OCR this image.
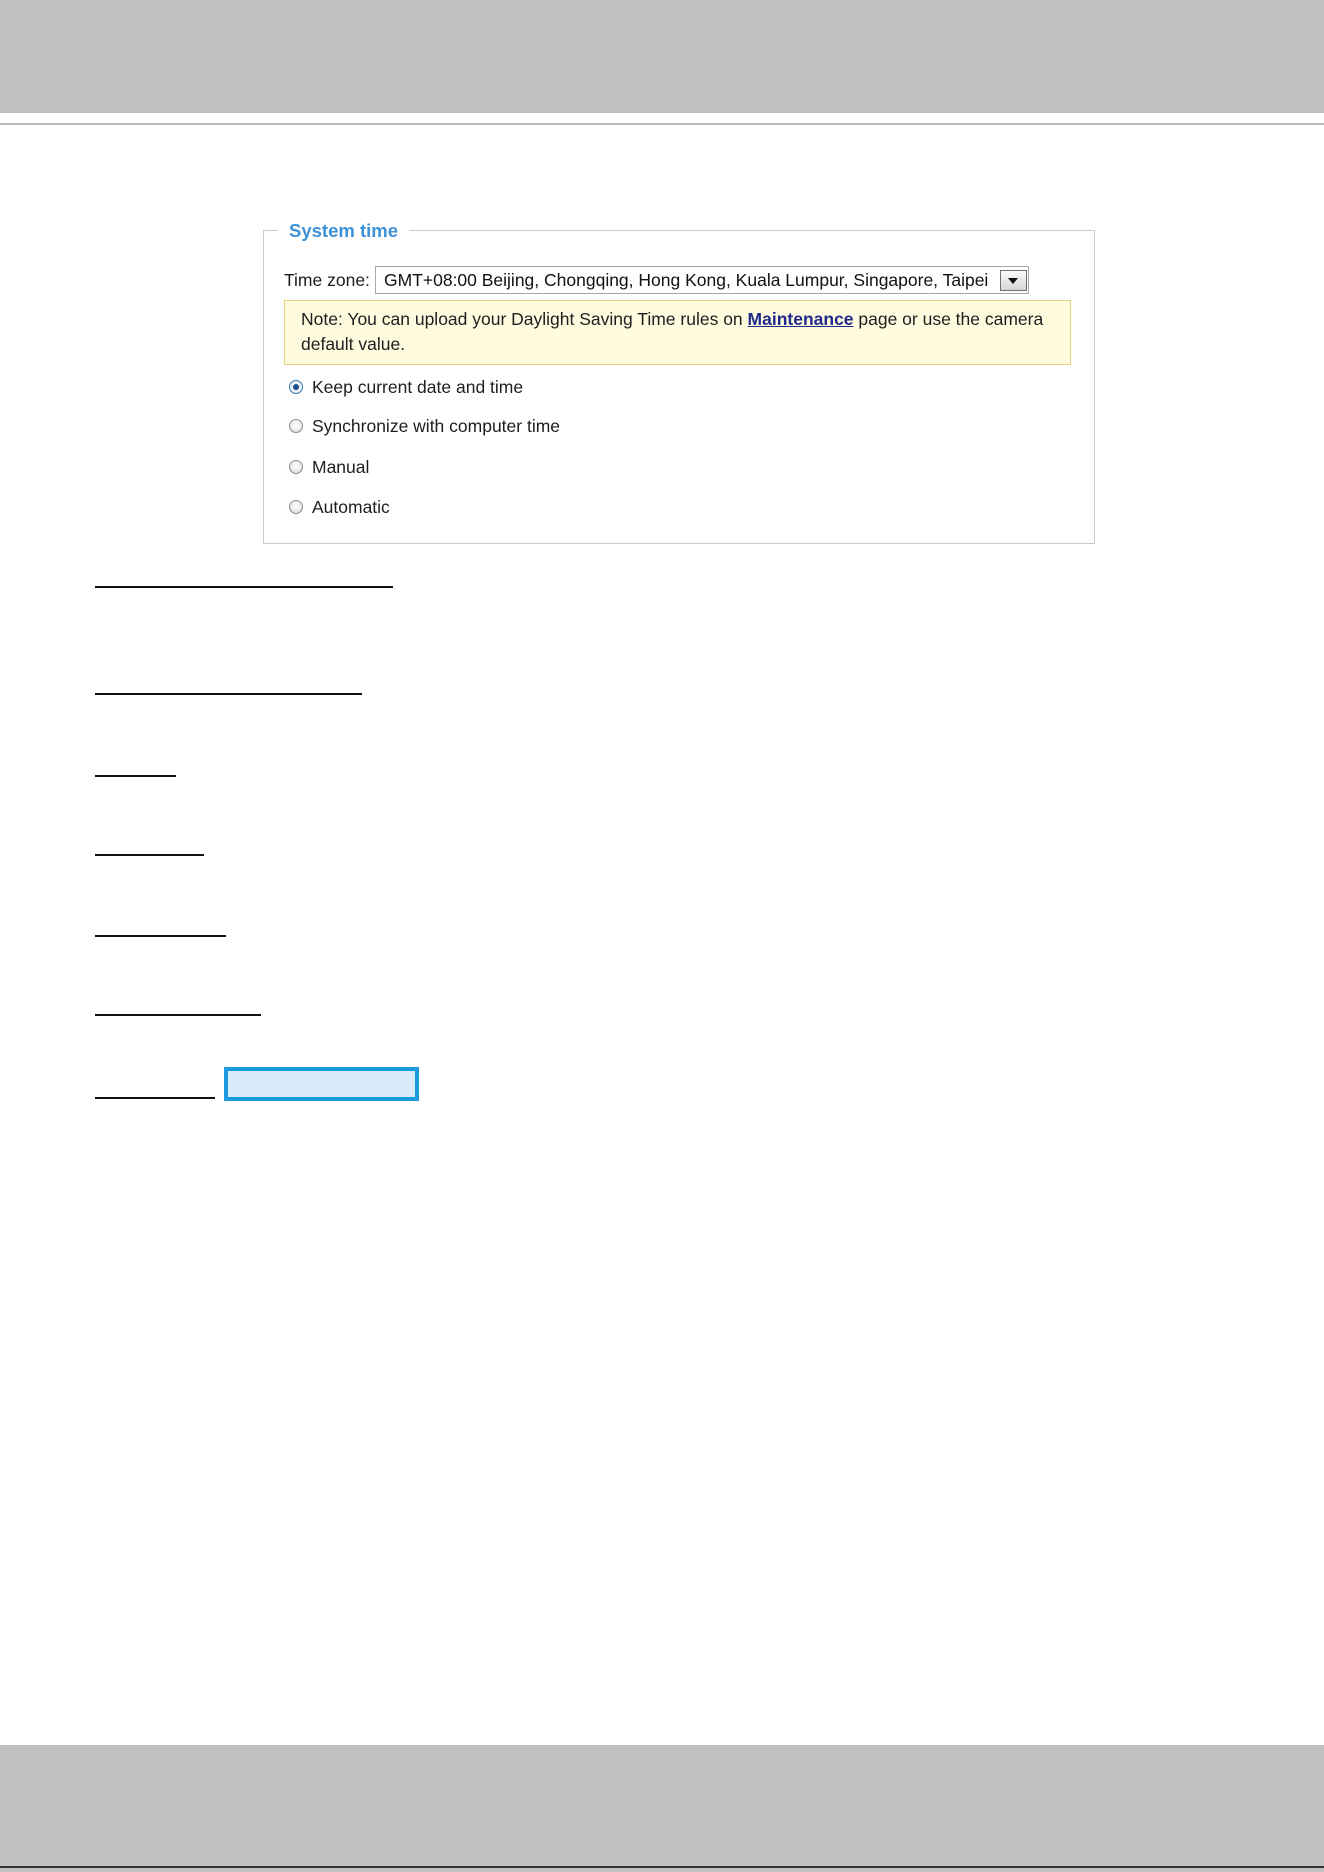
System time
Time zone: GMT+08:00 Beijing, Chongqing, Hong Kong, Kuala Lumpur, Singapore, Taipei
Note: You can upload your Daylight Saving Time rules on Maintenance page or use the camera default value.
Keep current date and time
Synchronize with computer time
Manual
Automatic
